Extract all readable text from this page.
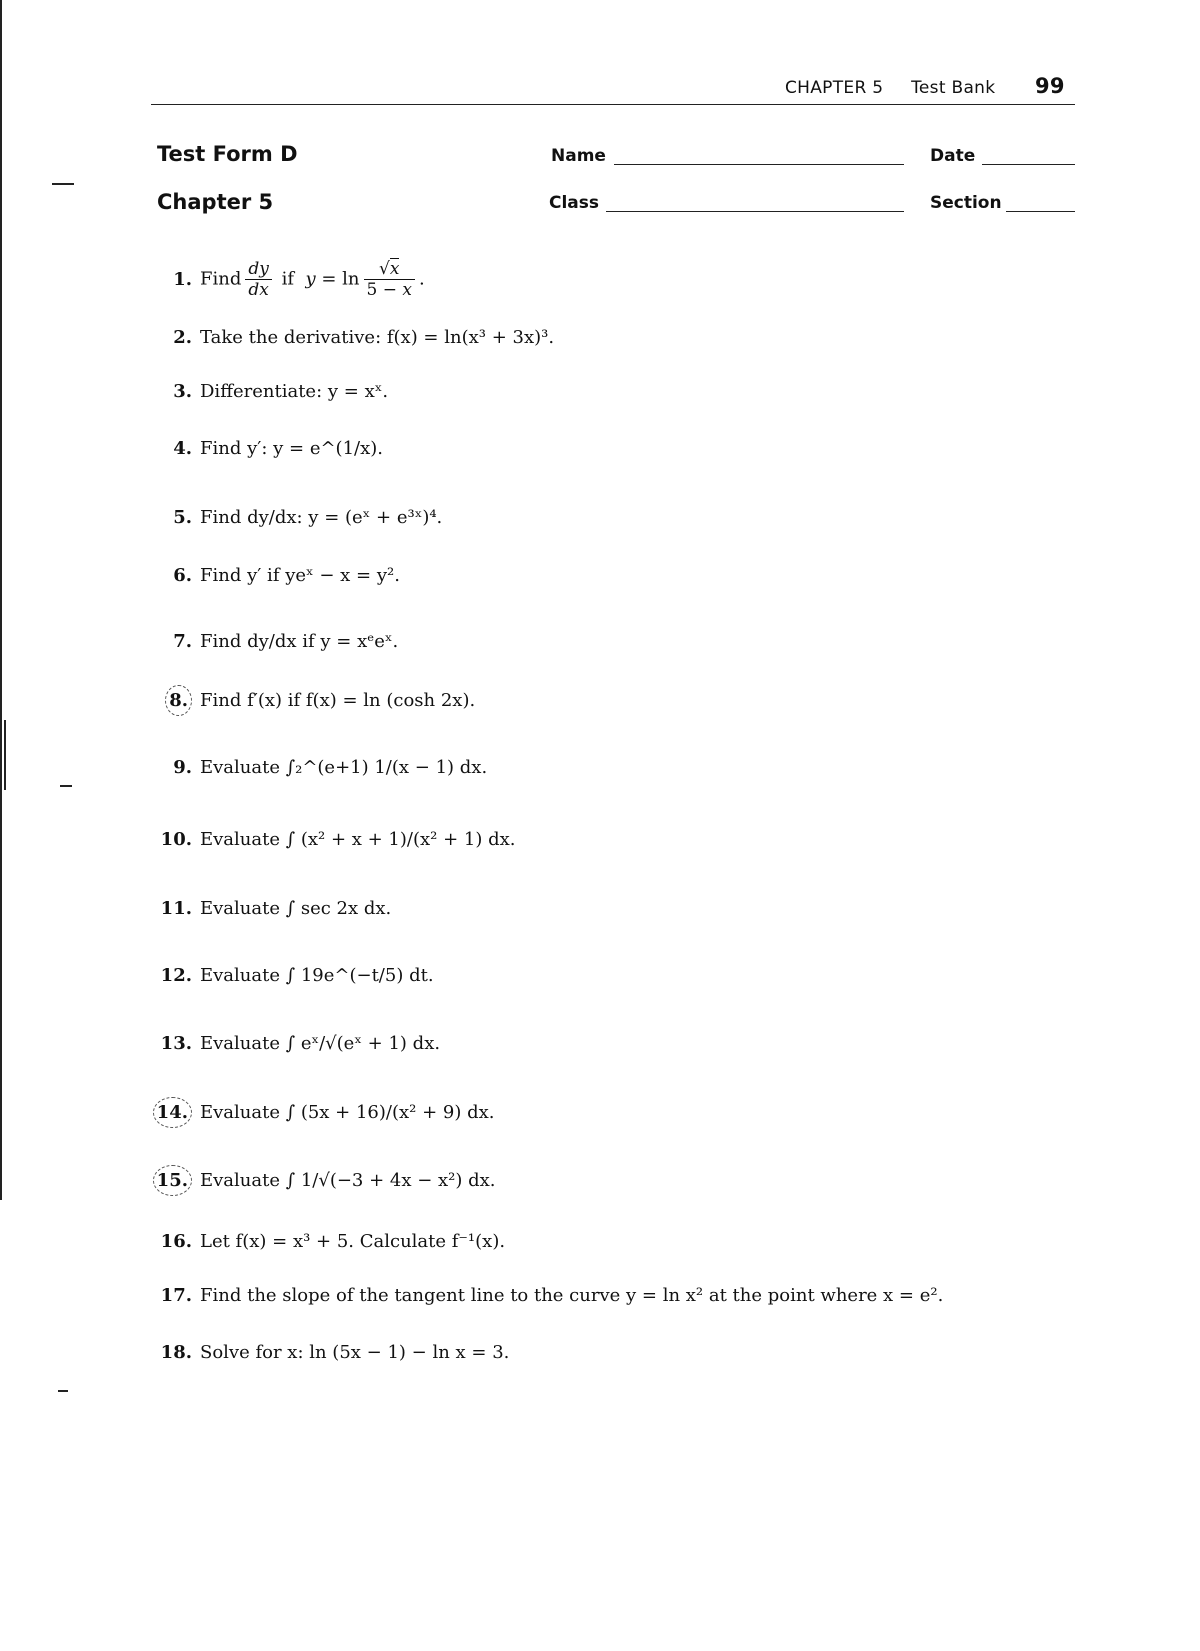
CHAPTER 5 Test Bank 99
Test Form D
Chapter 5
Name	Date
Class	Section
1. Find $\frac{dy}{dx}$ if  $y = \ln \frac{√x}{5 - x}$ .
2. Take the derivative: f(x) = ln(x³ + 3x)³.
3. Differentiate: y = xˣ.
4. Find y′: y = e^(1/x).
5. Find dy/dx: y = (eˣ + e³ˣ)⁴.
6. Find y′ if yeˣ − x = y².
7. Find dy/dx if y = xᵉeˣ.
8. Find f′(x) if f(x) = ln (cosh 2x).
9. Evaluate ∫₂^(e+1) 1/(x − 1) dx.
10. Evaluate ∫ (x² + x + 1)/(x² + 1) dx.
11. Evaluate ∫ sec 2x dx.
12. Evaluate ∫ 19e^(−t/5) dt.
13. Evaluate ∫ eˣ/√(eˣ + 1) dx.
14. Evaluate ∫ (5x + 16)/(x² + 9) dx.
15. Evaluate ∫ 1/√(−3 + 4x − x²) dx.
16. Let f(x) = x³ + 5. Calculate f⁻¹(x).
17. Find the slope of the tangent line to the curve y = ln x² at the point where x = e².
18. Solve for x: ln (5x − 1) − ln x = 3.
